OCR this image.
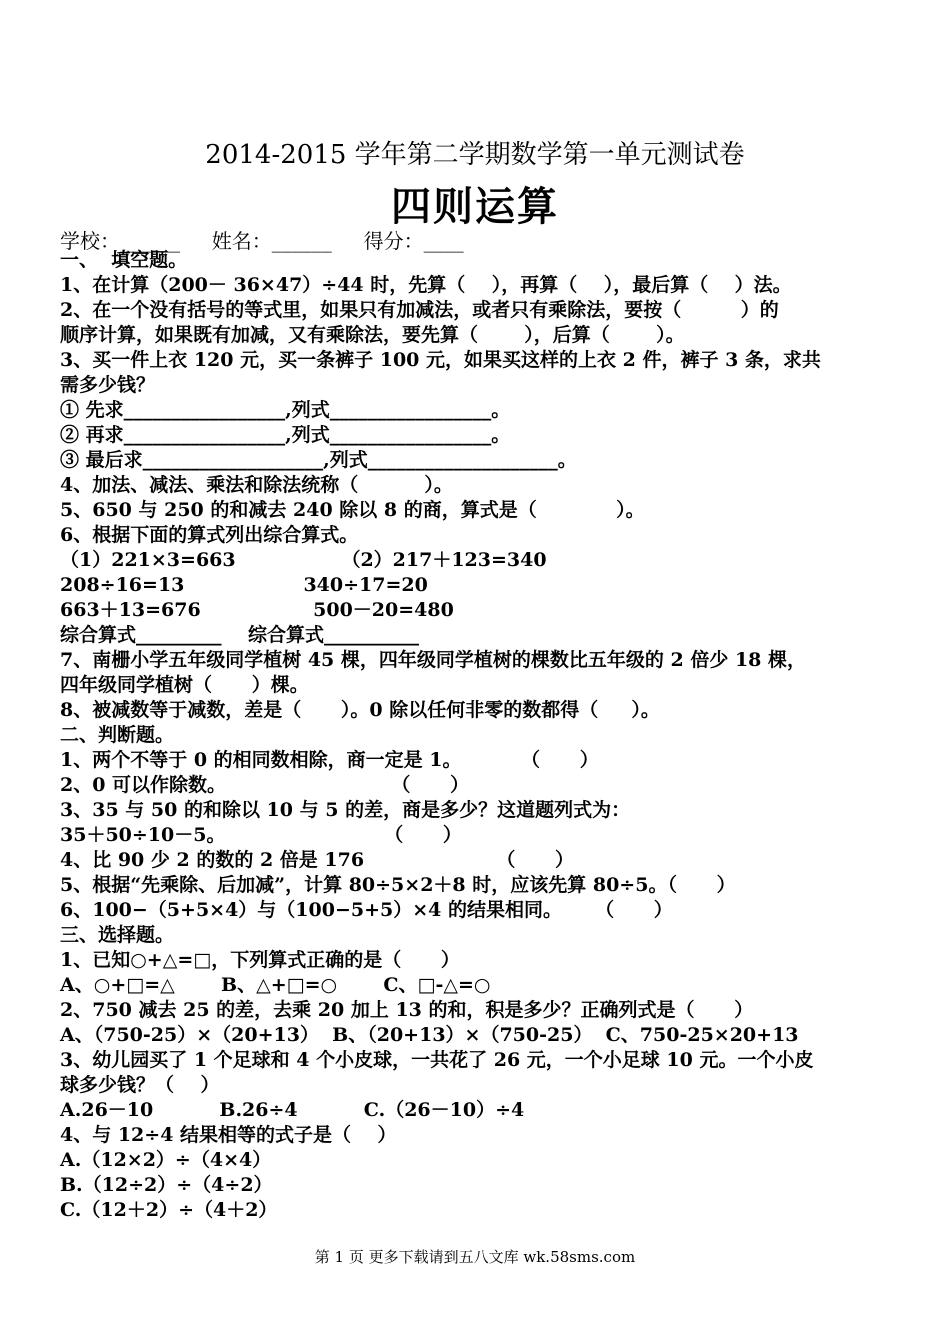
2014-2015 学年第二学期数学第一单元测试卷
四则运算
学校：______     姓名：______     得分：____
一、  填空题。
1、在计算（200－ 36×47）÷44 时，先算（    ），再算（    ），最后算（    ）法。
2、在一个没有括号的等式里，如果只有加减法，或者只有乘除法，要按（         ）的
顺序计算，如果既有加减，又有乘除法，要先算（       ），后算（       ）。
3、买一件上衣 120 元，买一条裤子 100 元，如果买这样的上衣 2 件，裤子 3 条，求共
需多少钱？
① 先求_________________,列式_________________。
② 再求_________________,列式_________________。
③ 最后求___________________,列式____________________。
4、加法、减法、乘法和除法统称（          ）。
5、650 与 250 的和减去 240 除以 8 的商，算式是（            ）。
6、根据下面的算式列出综合算式。
（1）221×3=663                （2）217＋123=340
208÷16=13                  340÷17=20
663＋13=676                 500－20=480
综合算式_________    综合算式__________
7、南栅小学五年级同学植树 45 棵，四年级同学植树的棵数比五年级的 2 倍少 18 棵，
四年级同学植树（      ）棵。
8、被减数等于减数，差是（      ）。0 除以任何非零的数都得（     ）。
二、判断题。
1、两个不等于 0 的相同数相除，商一定是 1。         （      ）
2、0 可以作除数。                         （      ）
3、35 与 50 的和除以 10 与 5 的差，商是多少？这道题列式为：
35＋50÷10－5。                        （      ）
4、比 90 少 2 的数的 2 倍是 176                    （      ）
5、根据“先乘除、后加减”，计算 80÷5×2＋8 时，应该先算 80÷5。（      ）
6、100−（5+5×4）与（100−5+5）×4 的结果相同。     （      ）
三、选择题。
1、已知○+△=□，下列算式正确的是（      ）
A、○+□=△       B、△+□=○       C、□-△=○
2、750 减去 25 的差，去乘 20 加上 13 的和，积是多少？正确列式是（      ）
A、（750-25）×（20+13）  B、（20+13）×（750-25）  C、750-25×20+13
3、幼儿园买了 1 个足球和 4 个小皮球，一共花了 26 元，一个小足球 10 元。一个小皮
球多少钱？（    ）
A.26－10          B.26÷4          C.（26－10）÷4
4、与 12÷4 结果相等的式子是（    ）
A.（12×2）÷（4×4）
B.（12÷2）÷（4÷2）
C.（12＋2）÷（4＋2）
第 1 页 更多下载请到五八文库 wk.58sms.com
